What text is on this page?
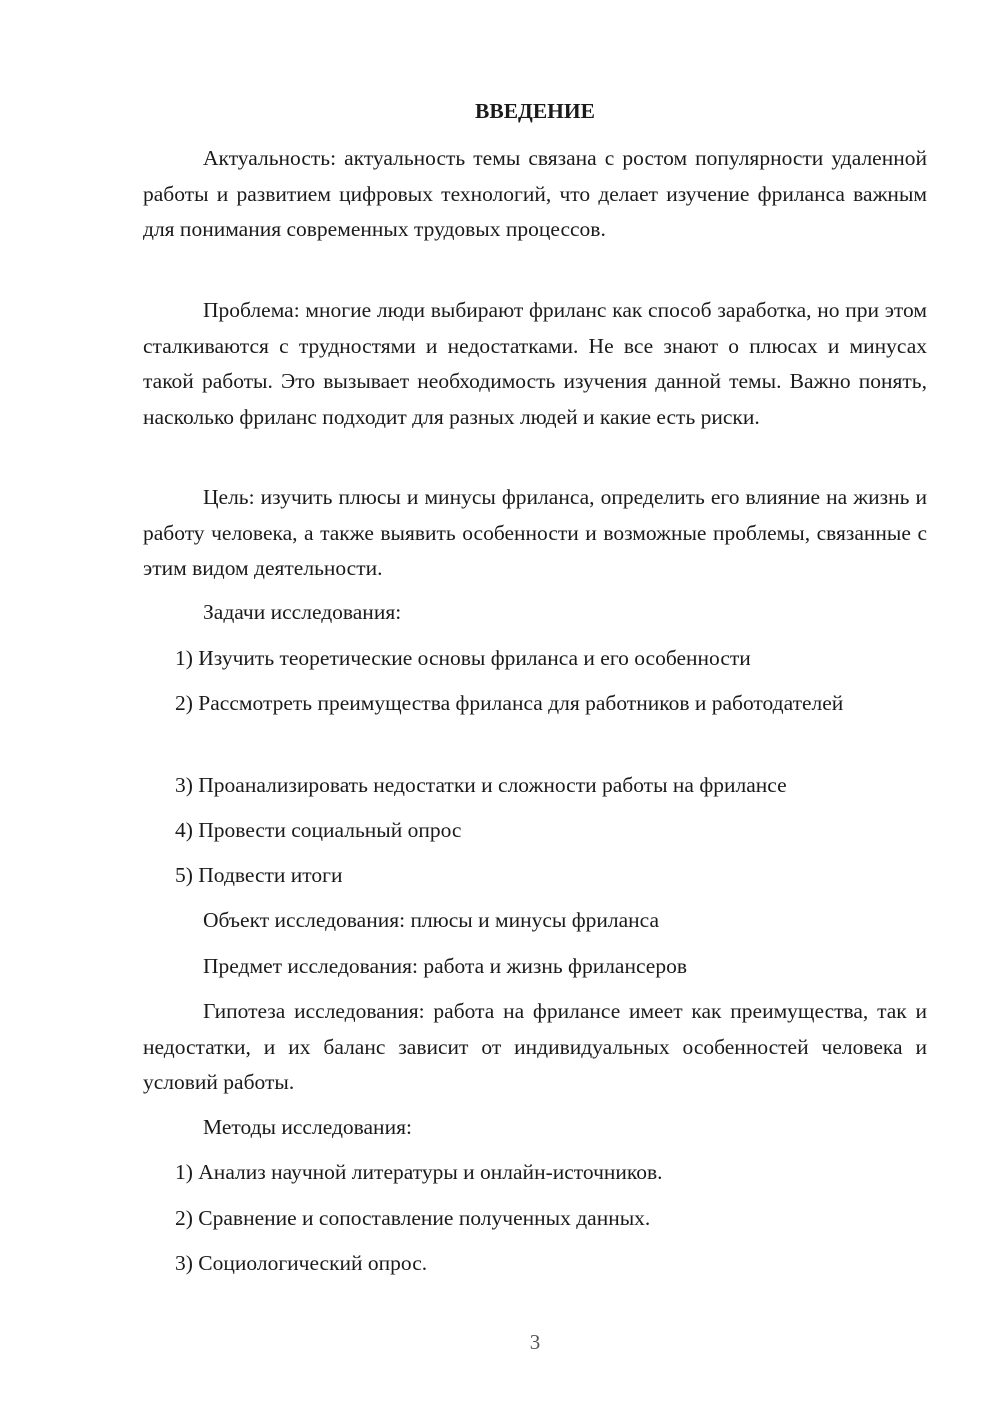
ВВЕДЕНИЕ

Актуальность: актуальность темы связана с ростом популярности удаленной работы и развитием цифровых технологий, что делает изучение фриланса важным для понимания современных трудовых процессов.

Проблема: многие люди выбирают фриланс как способ заработка, но при этом сталкиваются с трудностями и недостатками. Не все знают о плюсах и минусах такой работы. Это вызывает необходимость изучения данной темы. Важно понять, насколько фриланс подходит для разных людей и какие есть риски.

Цель: изучить плюсы и минусы фриланса, определить его влияние на жизнь и работу человека, а также выявить особенности и возможные проблемы, связанные с этим видом деятельности.

Задачи исследования:

1) Изучить теоретические основы фриланса и его особенности

2) Рассмотреть преимущества фриланса для работников и работодателей

3) Проанализировать недостатки и сложности работы на фрилансе

4) Провести социальный опрос

5) Подвести итоги

Объект исследования: плюсы и минусы фриланса

Предмет исследования: работа и жизнь фрилансеров

Гипотеза исследования: работа на фрилансе имеет как преимущества, так и недостатки, и их баланс зависит от индивидуальных особенностей человека и условий работы.

Методы исследования:

1) Анализ научной литературы и онлайн-источников.

2) Сравнение и сопоставление полученных данных.

3) Социологический опрос.

3
